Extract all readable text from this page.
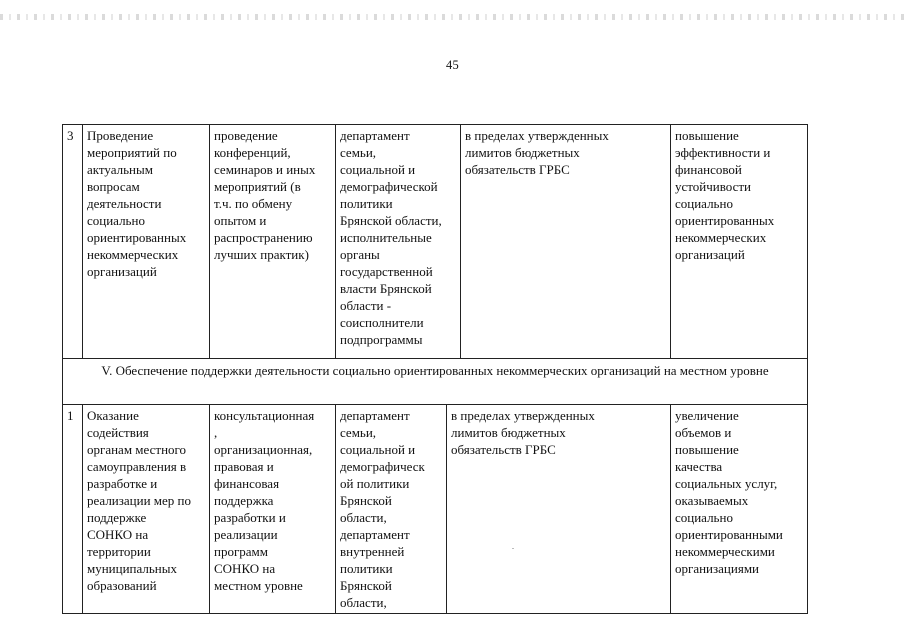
45
3	Проведение
мероприятий по
актуальным
вопросам
деятельности
социально
ориентированных
некоммерческих
организаций
проведение
конференций,
семинаров и иных
мероприятий (в
т.ч. по обмену
опытом и
распространению
лучших практик)
департамент
семьи,
социальной и
демографической
политики
Брянской области,
исполнительные
органы
государственной
власти Брянской
области -
соисполнители
подпрограммы
в пределах утвержденных
лимитов бюджетных
обязательств ГРБС
повышение
эффективности и
финансовой
устойчивости
социально
ориентированных
некоммерческих
организаций
V. Обеспечение поддержки деятельности социально ориентированных некоммерческих организаций на местном уровне
1	Оказание
содействия
органам местного
самоуправления в
разработке и
реализации мер по
поддержке
СОНКО на
территории
муниципальных
образований
консультационная
,
организационная,
правовая и
финансовая
поддержка
разработки и
реализации
программ
СОНКО на
местном уровне
департамент
семьи,
социальной и
демографическ
ой политики
Брянской
области,
департамент
внутренней
политики
Брянской
области,
в пределах утвержденных
лимитов бюджетных
обязательств ГРБС
увеличение
объемов и
повышение
качества
социальных услуг,
оказываемых
социально
ориентированными
некоммерческими
организациями
